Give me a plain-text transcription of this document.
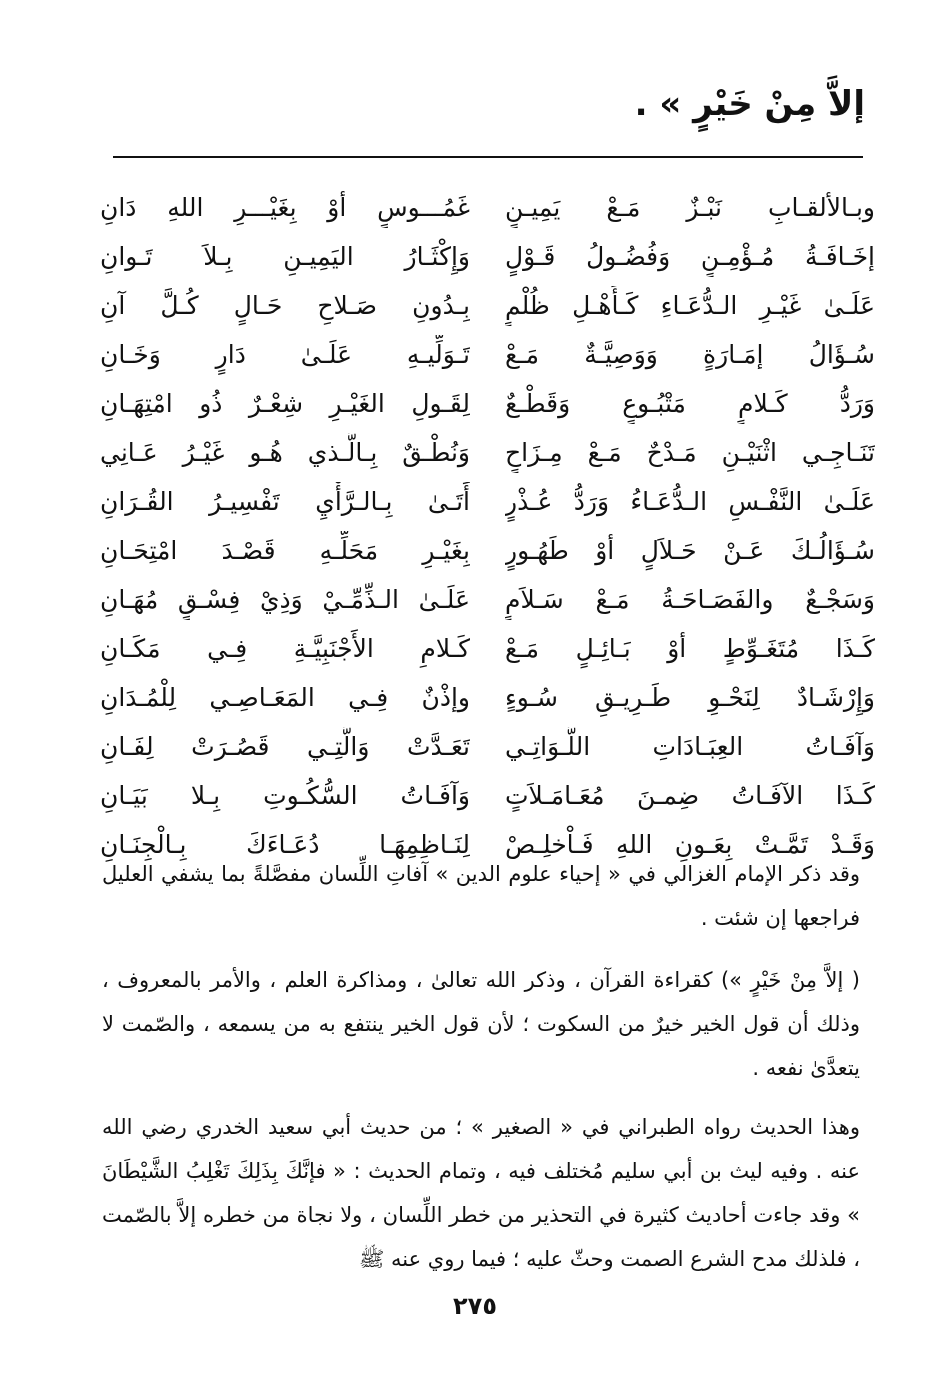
إلاَّ مِنْ خَيْرٍ » .
وبـالألقـابِ نَبْـزٌ مَـعْ يَمِيـنٍ
غَمُـــوسٍ أوْ بِغَيْـــرِ اللهِ دَانِ
إخَـافَـةُ مُـؤْمِـنٍ وَفُضُـولُ قَـوْلٍ
وَإِكْثَـارُ اليَمِيـنِ بِـلاَ تَـوانِ
عَلَـىٰ غَيْـرِ الـدُّعَـاءِ كَـأَهْـلِ ظُلْمٍ
بِـدُونِ صَـلاحِ حَـالٍ كُـلَّ آنِ
سُـؤَالُ إمَـارَةٍ وَوَصِيَّـةٌ مَـعْ
تَـوَلِّيـهِ عَلَـىٰ دَارٍ وَخَـانِ
وَرَدُّ كَـلامٍ مَتْبُـوعٍ وَقَطْـعٌ
لِقَـولِ الغَيْـرِ شِعْـرٌ ذُو امْتِهَـانِ
تَنَـاجِـي اثْنَيْـنِ مَـدْحٌ مَـعْ مِـزَاحٍ
وَنُطْـقٌ بِـالَّـذي هُـو غَيْـرُ عَـانِي
عَلَـىٰ النَّفْـسِ الـدُّعَـاءُ وَرَدُّ عُـذْرٍ
أَتَـىٰ بِـالـرَّأْيِ تَفْسِيـرُ القُـرَانِ
سُـؤَالُـكَ عَـنْ حَـلاَلٍ أوْ طَهُـورٍ
بِغَيْـرِ مَحَلِّـهِ قَصْـدَ امْتِحَـانِ
وَسَجْـعٌ والفَصَـاحَـةُ مَـعْ سَـلاَمٍ
عَلَـىٰ الـذِّمِّـيْ وَذِيْ فِسْـقٍ مُهَـانِ
كَـذَا مُتَغَـوِّطٍ أوْ بَـائِـلٍ مَـعْ
كَـلامِ الأَجْنَبِيَّـةِ فِـي مَكَـانِ
وَإِرْشَـادٌ لِنَحْـوِ طَـرِيـقِ سُـوءٍ
وإذْنٌ فِـي المَعَـاصِـي لِلْمُـدَانِ
وَآفَـاتُ العِبَـادَاتِ اللَّـوَاتِـي
تَعَـدَّتْ وَالَّتِـي قَصُـرَتْ لِفَـانِ
كَـذَا الآفَـاتُ ضِمـنَ مُعَـامَـلاَتٍ
وَآفَـاتُ السُّكُـوتِ بِـلا بَيَـانِ
وَقَـدْ تَمَّـتْ بِعَـونِ اللهِ فَـاْخلِـصْ
لِنَـاظِمِهَـا دُعَـاءَكَ بِـالْجِنَـانِ

وقد ذكر الإمام الغزالي في « إحياء علوم الدين » آفاتِ اللِّسان مفصَّلةً بما يشفي العليل فراجعها إن شئت .

( إلاَّ مِنْ خَيْرٍ ») كقراءة القرآن ، وذكر الله تعالىٰ ، ومذاكرة العلم ، والأمر بالمعروف ، وذلك أن قول الخير خيرٌ من السكوت ؛ لأن قول الخير ينتفع به من يسمعه ، والصّمت لا يتعدَّىٰ نفعه .

وهذا الحديث رواه الطبراني في « الصغير » ؛ من حديث أبي سعيد الخدري رضي الله عنه . وفيه ليث بن أبي سليم مُختلف فيه ، وتمام الحديث : « فإنَّكَ بِذَلِكَ تَغْلِبُ الشَّيْطَانَ » وقد جاءت أحاديث كثيرة في التحذير من خطر اللِّسان ، ولا نجاة من خطره إلاَّ بالصّمت ، فلذلك مدح الشرع الصمت وحثّ عليه ؛ فيما روي عنه ﷺ

٢٧٥
